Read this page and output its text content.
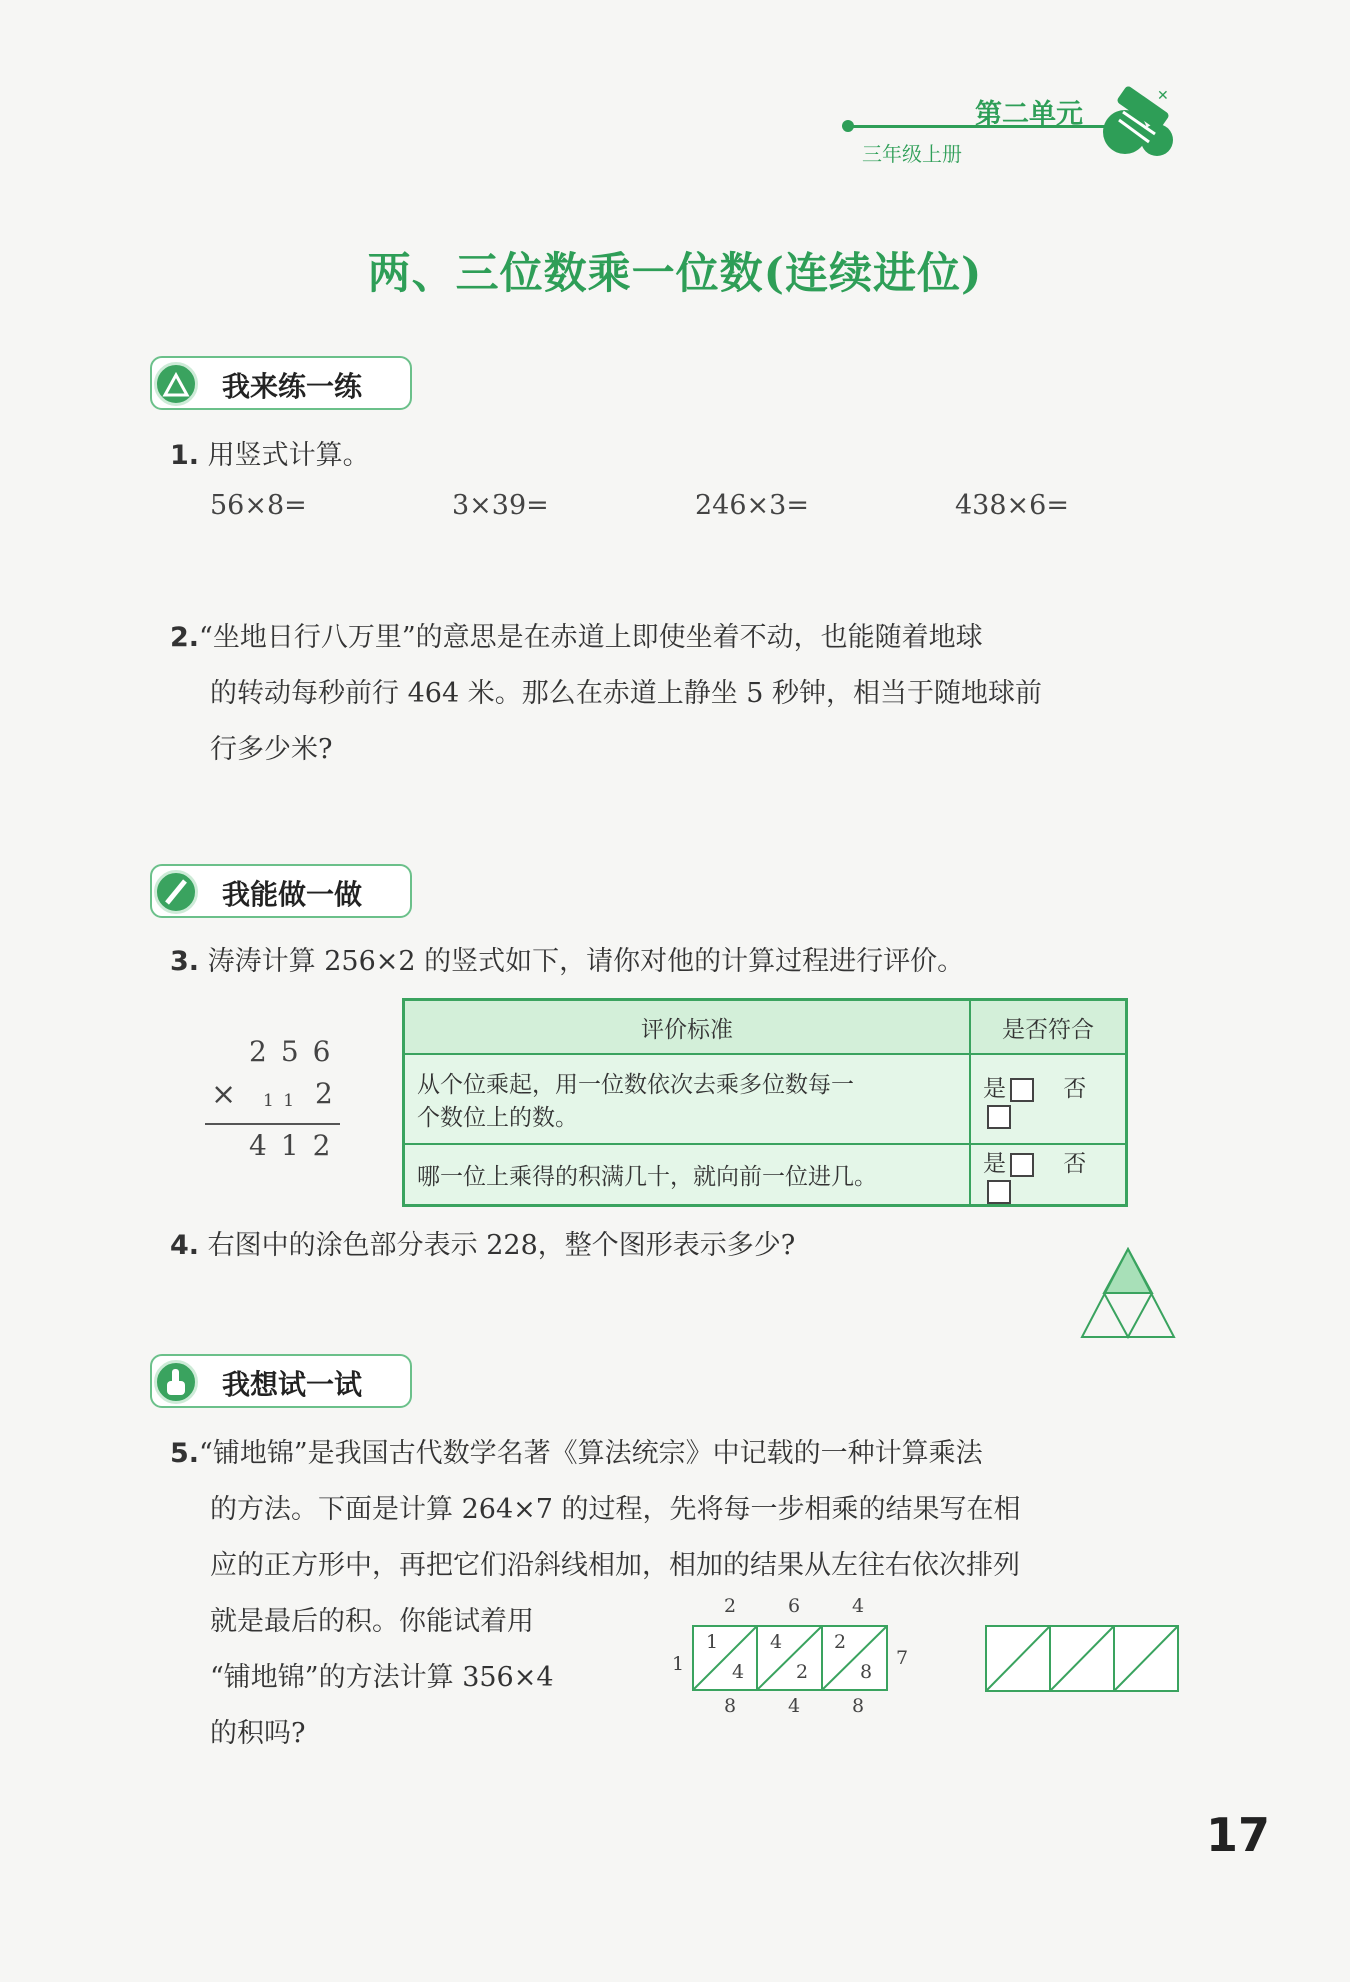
第二单元
三年级上册
✕
两、三位数乘一位数(连续进位)
我来练一练
1. 用竖式计算。
56×8=	3×39=	246×3=	438×6=
2.“坐地日行八万里”的意思是在赤道上即使坐着不动，也能随着地球
的转动每秒前行 464 米。那么在赤道上静坐 5 秒钟，相当于随地球前
行多少米?
我能做一做
3. 涛涛计算 256×2 的竖式如下，请你对他的计算过程进行评价。
256
× 1 1 2
412
评价标准	是否符合

从个位乘起，用一位数依次去乘多位数每一
个数位上的数。	是 否

哪一位上乘得的积满几十，就向前一位进几。	是 否
4. 右图中的涂色部分表示 228，整个图形表示多少?
我想试一试
5.“铺地锦”是我国古代数学名著《算法统宗》中记载的一种计算乘法
的方法。下面是计算 264×7 的过程，先将每一步相乘的结果写在相
应的正方形中，再把它们沿斜线相加，相加的结果从左往右依次排列
就是最后的积。你能试着用
“铺地锦”的方法计算 356×4
的积吗?
2	6	4
1	7
1
4
4
2
2
8
8	4	8
17
